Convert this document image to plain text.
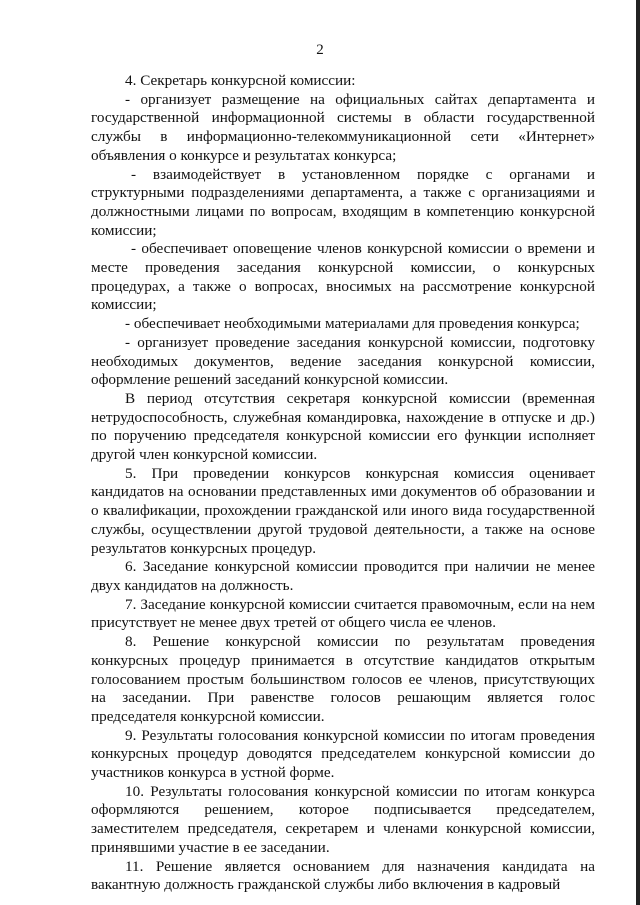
2

4. Секретарь конкурсной комиссии:

- организует размещение на официальных сайтах департамента и государственной информационной системы в области государственной службы в информационно-телекоммуникационной сети «Интернет» объявления о конкурсе и результатах конкурса;

- взаимодействует в установленном порядке с органами и структурными подразделениями департамента, а также с организациями и должностными лицами по вопросам, входящим в компетенцию конкурсной комиссии;

- обеспечивает оповещение членов конкурсной комиссии о времени и месте проведения заседания конкурсной комиссии, о конкурсных процедурах, а также о вопросах, вносимых на рассмотрение конкурсной комиссии;

- обеспечивает необходимыми материалами для проведения конкурса;

- организует проведение заседания конкурсной комиссии, подготовку необходимых документов, ведение заседания конкурсной комиссии, оформление решений заседаний конкурсной комиссии.

В период отсутствия секретаря конкурсной комиссии (временная нетрудоспособность, служебная командировка, нахождение в отпуске и др.) по поручению председателя конкурсной комиссии его функции исполняет другой член конкурсной комиссии.

5. При проведении конкурсов конкурсная комиссия оценивает кандидатов на основании представленных ими документов об образовании и о квалификации, прохождении гражданской или иного вида государственной службы, осуществлении другой трудовой деятельности, а также на основе результатов конкурсных процедур.

6. Заседание конкурсной комиссии проводится при наличии не менее двух кандидатов на должность.

7. Заседание конкурсной комиссии считается правомочным, если на нем присутствует не менее двух третей от общего числа ее членов.

8. Решение конкурсной комиссии по результатам проведения конкурсных процедур принимается в отсутствие кандидатов открытым голосованием простым большинством голосов ее членов, присутствующих на заседании. При равенстве голосов решающим является голос председателя конкурсной комиссии.

9. Результаты голосования конкурсной комиссии по итогам проведения конкурсных процедур доводятся председателем конкурсной комиссии до участников конкурса в устной форме.

10. Результаты голосования конкурсной комиссии по итогам конкурса оформляются решением, которое подписывается председателем, заместителем председателя, секретарем и членами конкурсной комиссии, принявшими участие в ее заседании.

11. Решение является основанием для назначения кандидата на вакантную должность гражданской службы либо включения в кадровый
